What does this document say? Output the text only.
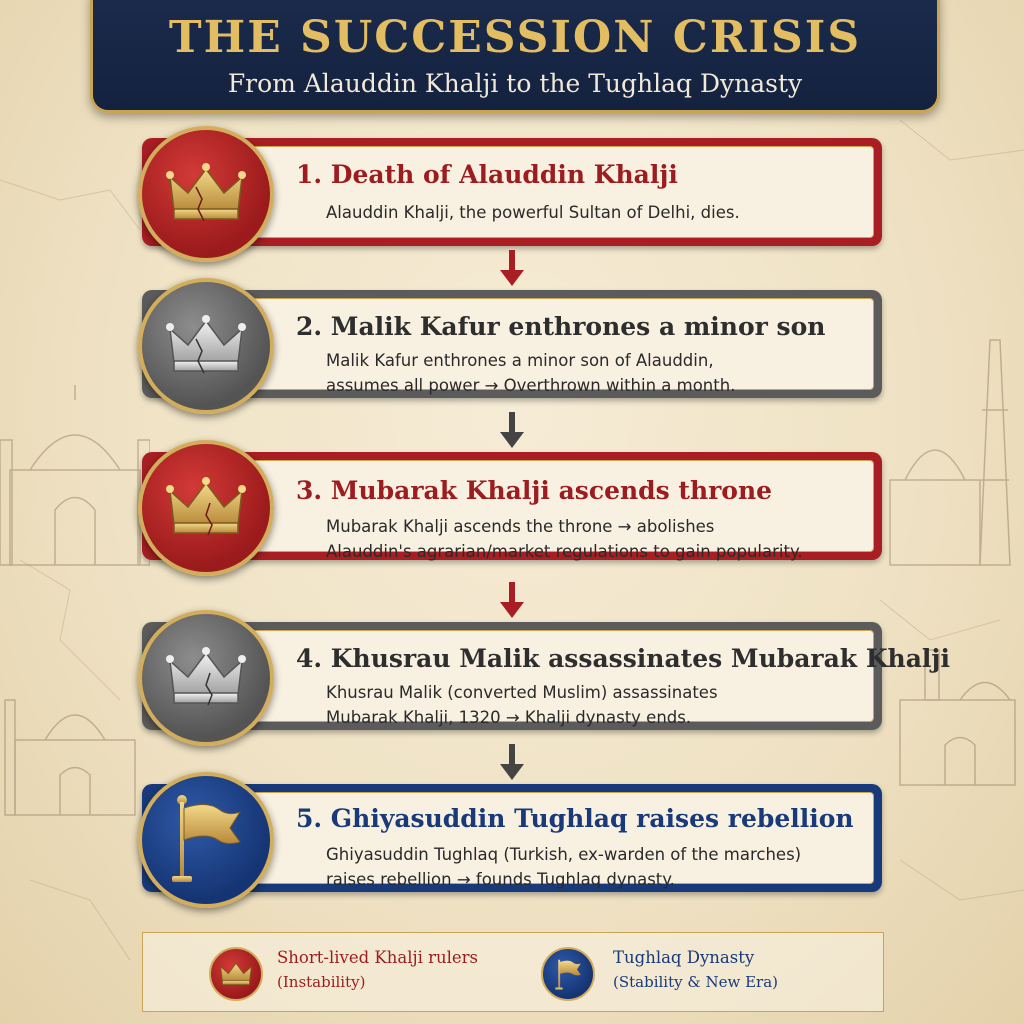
THE SUCCESSION CRISIS
From Alauddin Khalji to the Tughlaq Dynasty
1. Death of Alauddin Khalji
Alauddin Khalji, the powerful Sultan of Delhi, dies.
2. Malik Kafur enthrones a minor son
Malik Kafur enthrones a minor son of Alauddin,
assumes all power → Overthrown within a month.
3. Mubarak Khalji ascends throne
Mubarak Khalji ascends the throne → abolishes
Alauddin's agrarian/market regulations to gain popularity.
4. Khusrau Malik assassinates Mubarak Khalji
Khusrau Malik (converted Muslim) assassinates
Mubarak Khalji, 1320 → Khalji dynasty ends.
5. Ghiyasuddin Tughlaq raises rebellion
Ghiyasuddin Tughlaq (Turkish, ex-warden of the marches)
raises rebellion → founds Tughlaq dynasty.
Short-lived Khalji rulers
(Instability)
Tughlaq Dynasty
(Stability & New Era)
